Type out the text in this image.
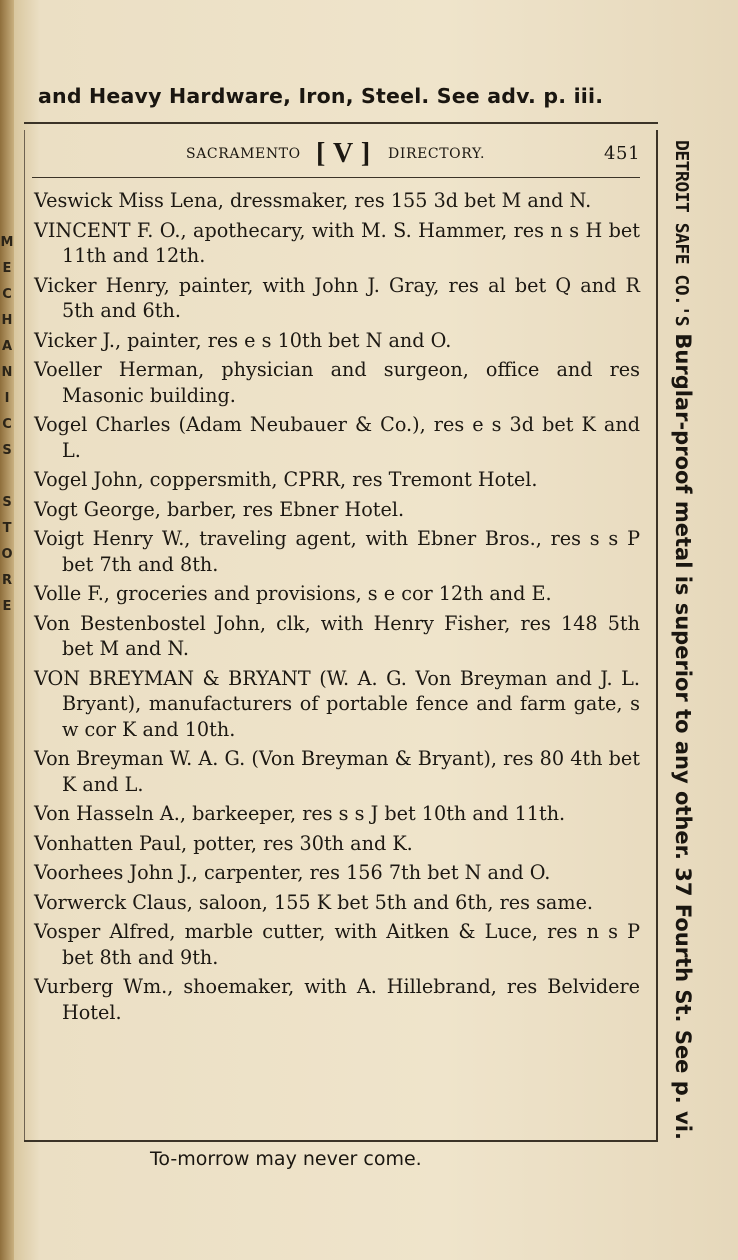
M
E
C
H
A
N
I
C
S

S
T
O
R
E
and Heavy Hardware, Iron, Steel. See adv. p. iii.
SACRAMENTO [ V ] DIRECTORY.	451

Veswick Miss Lena, dressmaker, res 155 3d bet M and N.

VINCENT F. O., apothecary, with M. S. Hammer, res n s H bet 11th and 12th.

Vicker Henry, painter, with John J. Gray, res al bet Q and R 5th and 6th.

Vicker J., painter, res e s 10th bet N and O.

Voeller Herman, physician and surgeon, office and res Masonic building.

Vogel Charles (Adam Neubauer & Co.), res e s 3d bet K and L.

Vogel John, coppersmith, CPRR, res Tremont Hotel.

Vogt George, barber, res Ebner Hotel.

Voigt Henry W., traveling agent, with Ebner Bros., res s s P bet 7th and 8th.

Volle F., groceries and provisions, s e cor 12th and E.

Von Bestenbostel John, clk, with Henry Fisher, res 148 5th bet M and N.

VON BREYMAN & BRYANT (W. A. G. Von Breyman and J. L. Bryant), manufacturers of portable fence and farm gate, s w cor K and 10th.

Von Breyman W. A. G. (Von Breyman & Bryant), res 80 4th bet K and L.

Von Hasseln A., barkeeper, res s s J bet 10th and 11th.

Vonhatten Paul, potter, res 30th and K.

Voorhees John J., carpenter, res 156 7th bet N and O.

Vorwerck Claus, saloon, 155 K bet 5th and 6th, res same.

Vosper Alfred, marble cutter, with Aitken & Luce, res n s P bet 8th and 9th.

Vurberg Wm., shoemaker, with A. Hillebrand, res Belvidere Hotel.

To-morrow may never come.
DETROIT SAFE CO.'S Burglar-proof metal is superior to any other. 37 Fourth St. See p. vi.
